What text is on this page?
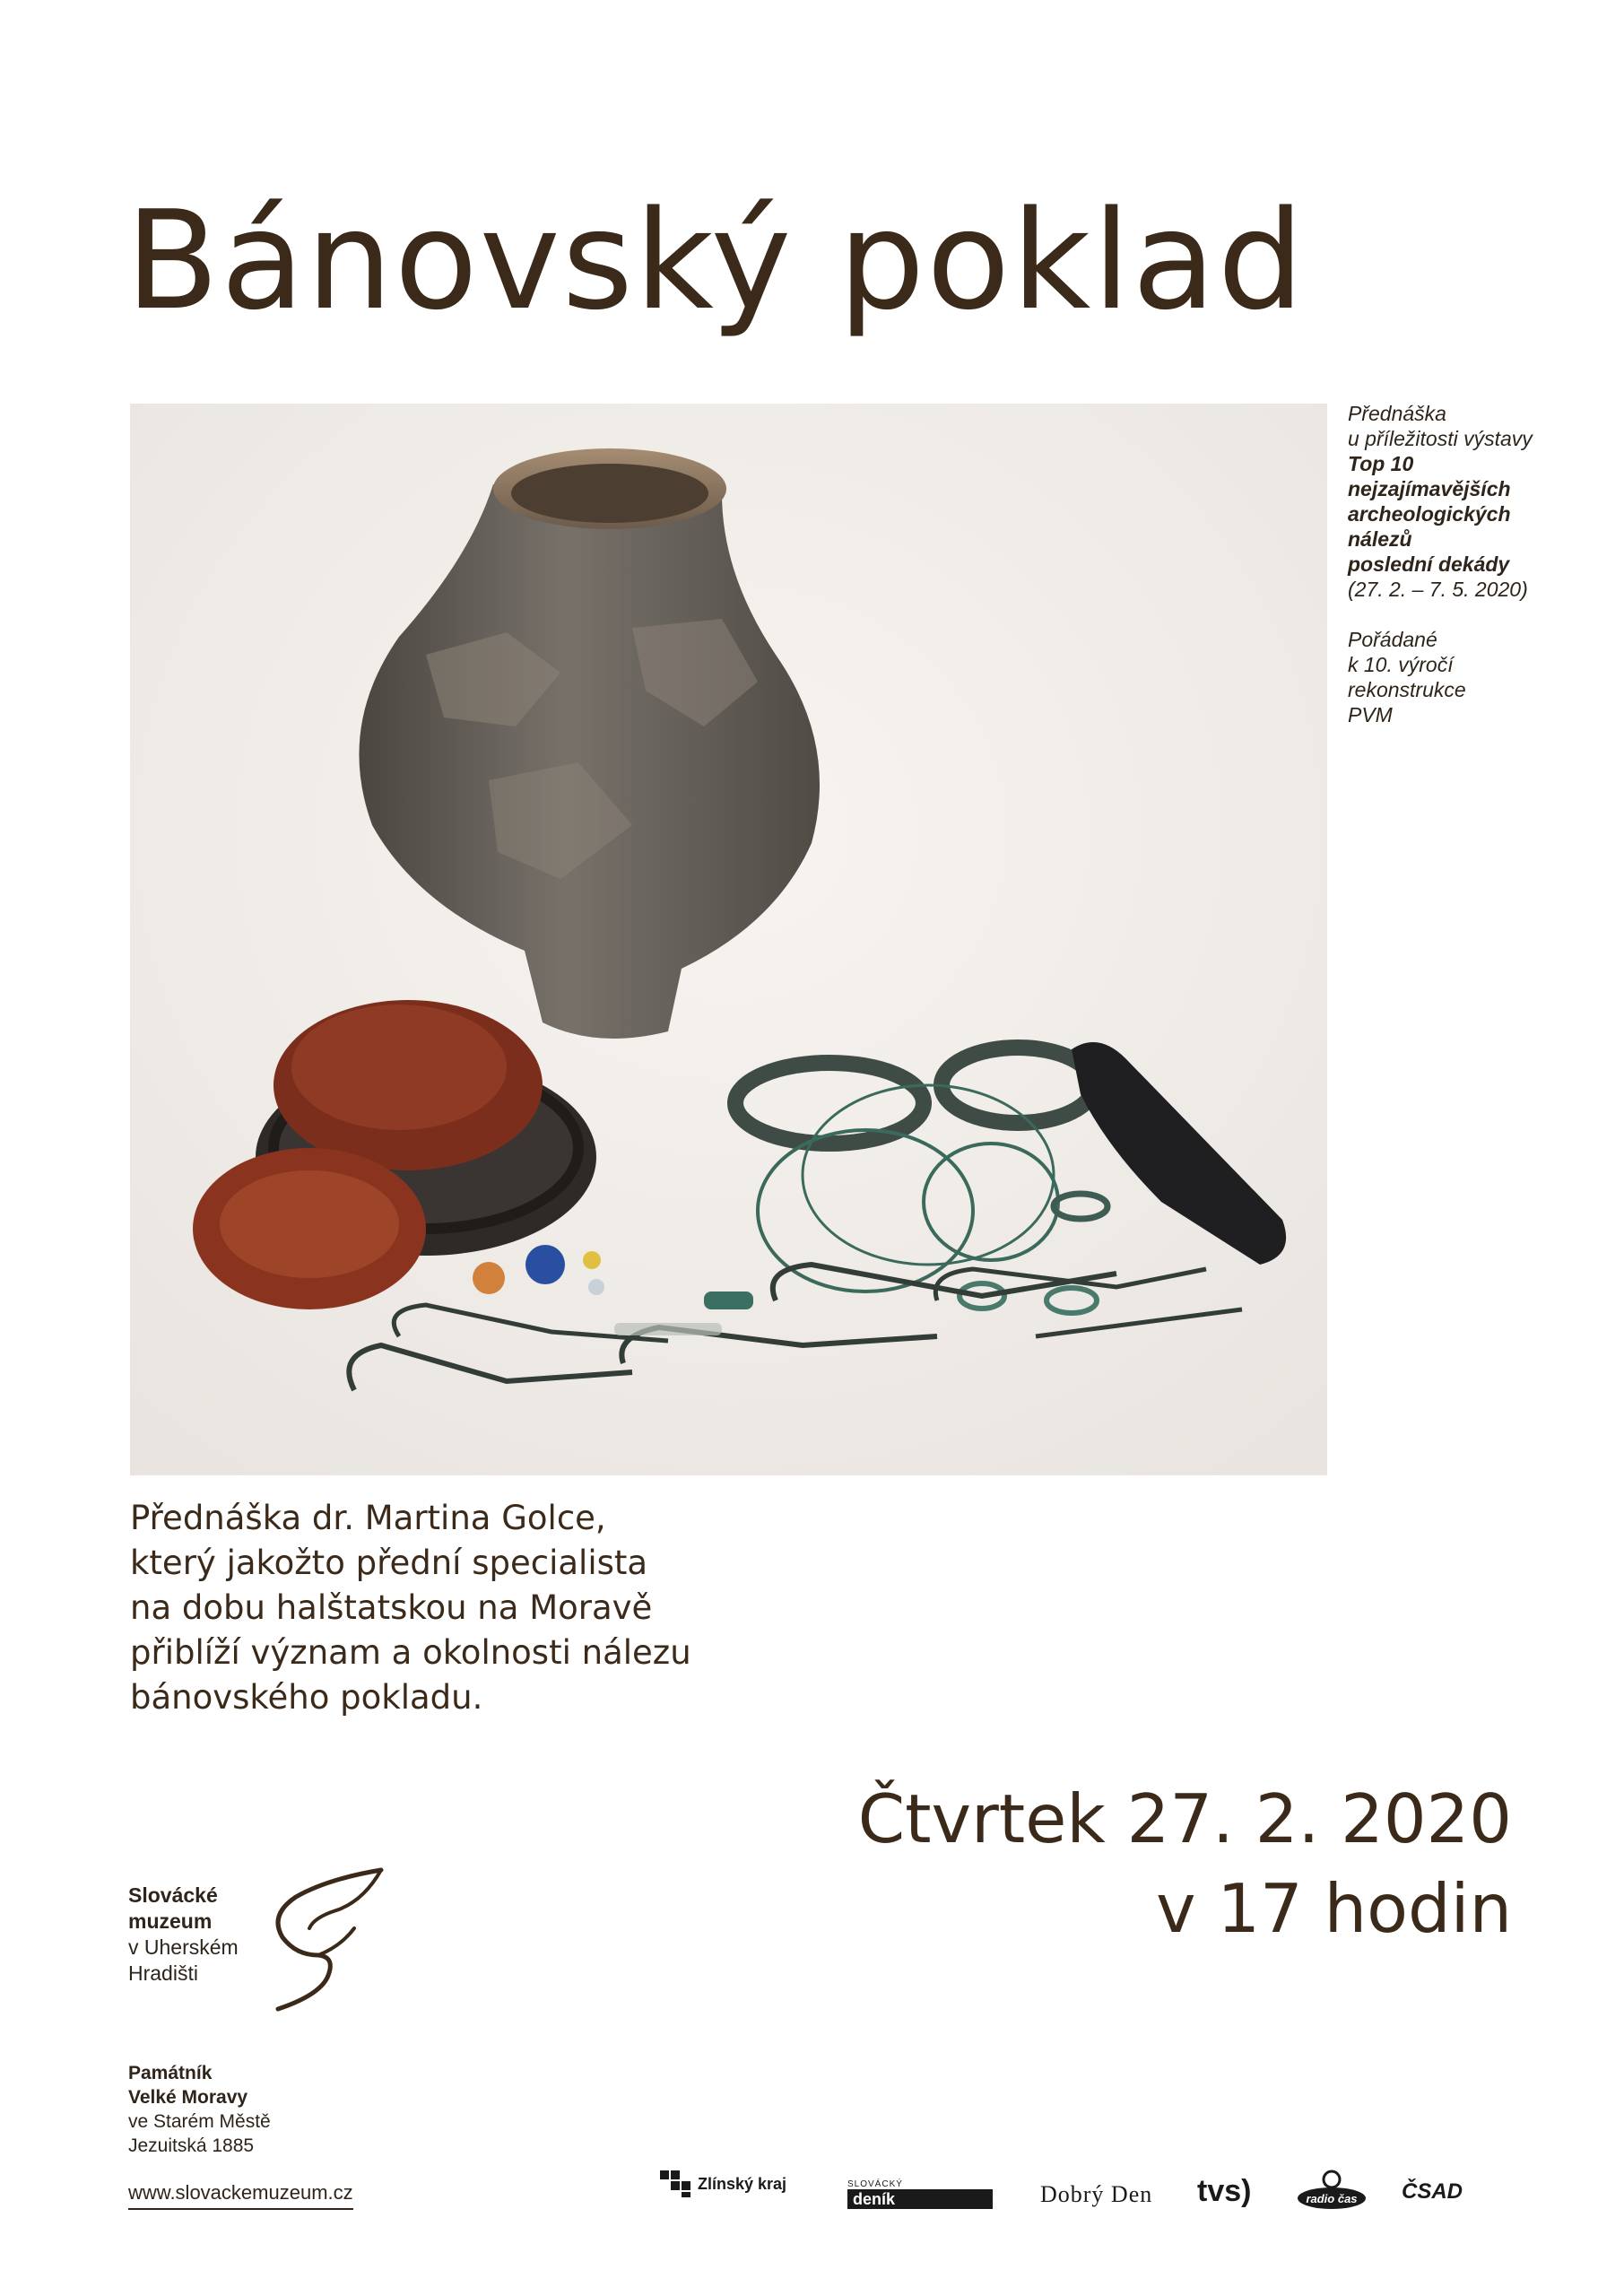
Bánovský poklad

Přednáška

u příležitosti výstavy

Top 10

nejzajímavějších

archeologických

nálezů

poslední dekády

(27. 2. – 7. 5. 2020)

Pořádané

k 10. výročí

rekonstrukce

PVM

Přednáška dr. Martina Golce,
který jakožto přední specialista
na dobu halštatskou na Moravě
přiblíží význam a okolnosti nálezu
bánovského pokladu.
Čtvrtek 27. 2. 2020
v 17 hodin
Slovácké
muzeum
v Uherském
Hradišti
Památník
Velké Moravy
ve Starém Městě
Jezuitská 1885
www.slovackemuzeum.cz	Zlínský kraj	SLOVÁCKÝ
deník	Dobrý Den tvs)	radio čas ČSAD
